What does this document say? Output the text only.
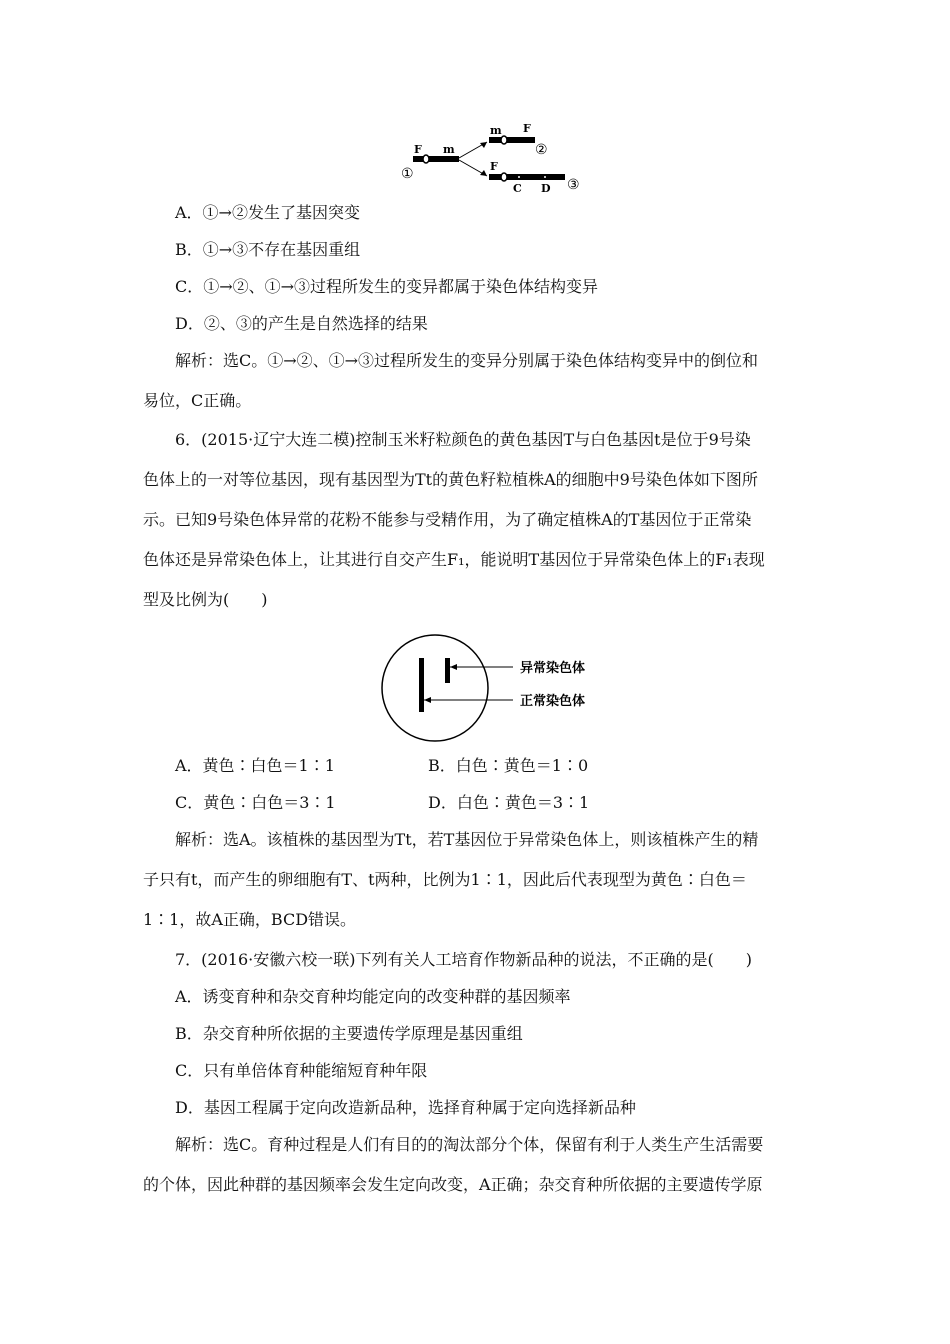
F m
①
m F
②
F
C D ③
A．①→②发生了基因突变
B．①→③不存在基因重组
C．①→②、①→③过程所发生的变异都属于染色体结构变异
D．②、③的产生是自然选择的结果
解析：选C。①→②、①→③过程所发生的变异分别属于染色体结构变异中的倒位和
易位，C正确。
6．(2015·辽宁大连二模)控制玉米籽粒颜色的黄色基因T与白色基因t是位于9号染
色体上的一对等位基因，现有基因型为Tt的黄色籽粒植株A的细胞中9号染色体如下图所
示。已知9号染色体异常的花粉不能参与受精作用，为了确定植株A的T基因位于正常染
色体还是异常染色体上，让其进行自交产生F₁，能说明T基因位于异常染色体上的F₁表现
型及比例为(　　)
异常染色体
正常染色体
A．黄色∶白色＝1∶1	B．白色∶黄色＝1∶0
C．黄色∶白色＝3∶1	D．白色∶黄色＝3∶1
解析：选A。该植株的基因型为Tt，若T基因位于异常染色体上，则该植株产生的精
子只有t，而产生的卵细胞有T、t两种，比例为1∶1，因此后代表现型为黄色∶白色＝
1∶1，故A正确，BCD错误。
7．(2016·安徽六校一联)下列有关人工培育作物新品种的说法，不正确的是(　　)
A．诱变育种和杂交育种均能定向的改变种群的基因频率
B．杂交育种所依据的主要遗传学原理是基因重组
C．只有单倍体育种能缩短育种年限
D．基因工程属于定向改造新品种，选择育种属于定向选择新品种
解析：选C。育种过程是人们有目的的淘汰部分个体，保留有利于人类生产生活需要
的个体，因此种群的基因频率会发生定向改变，A正确；杂交育种所依据的主要遗传学原
